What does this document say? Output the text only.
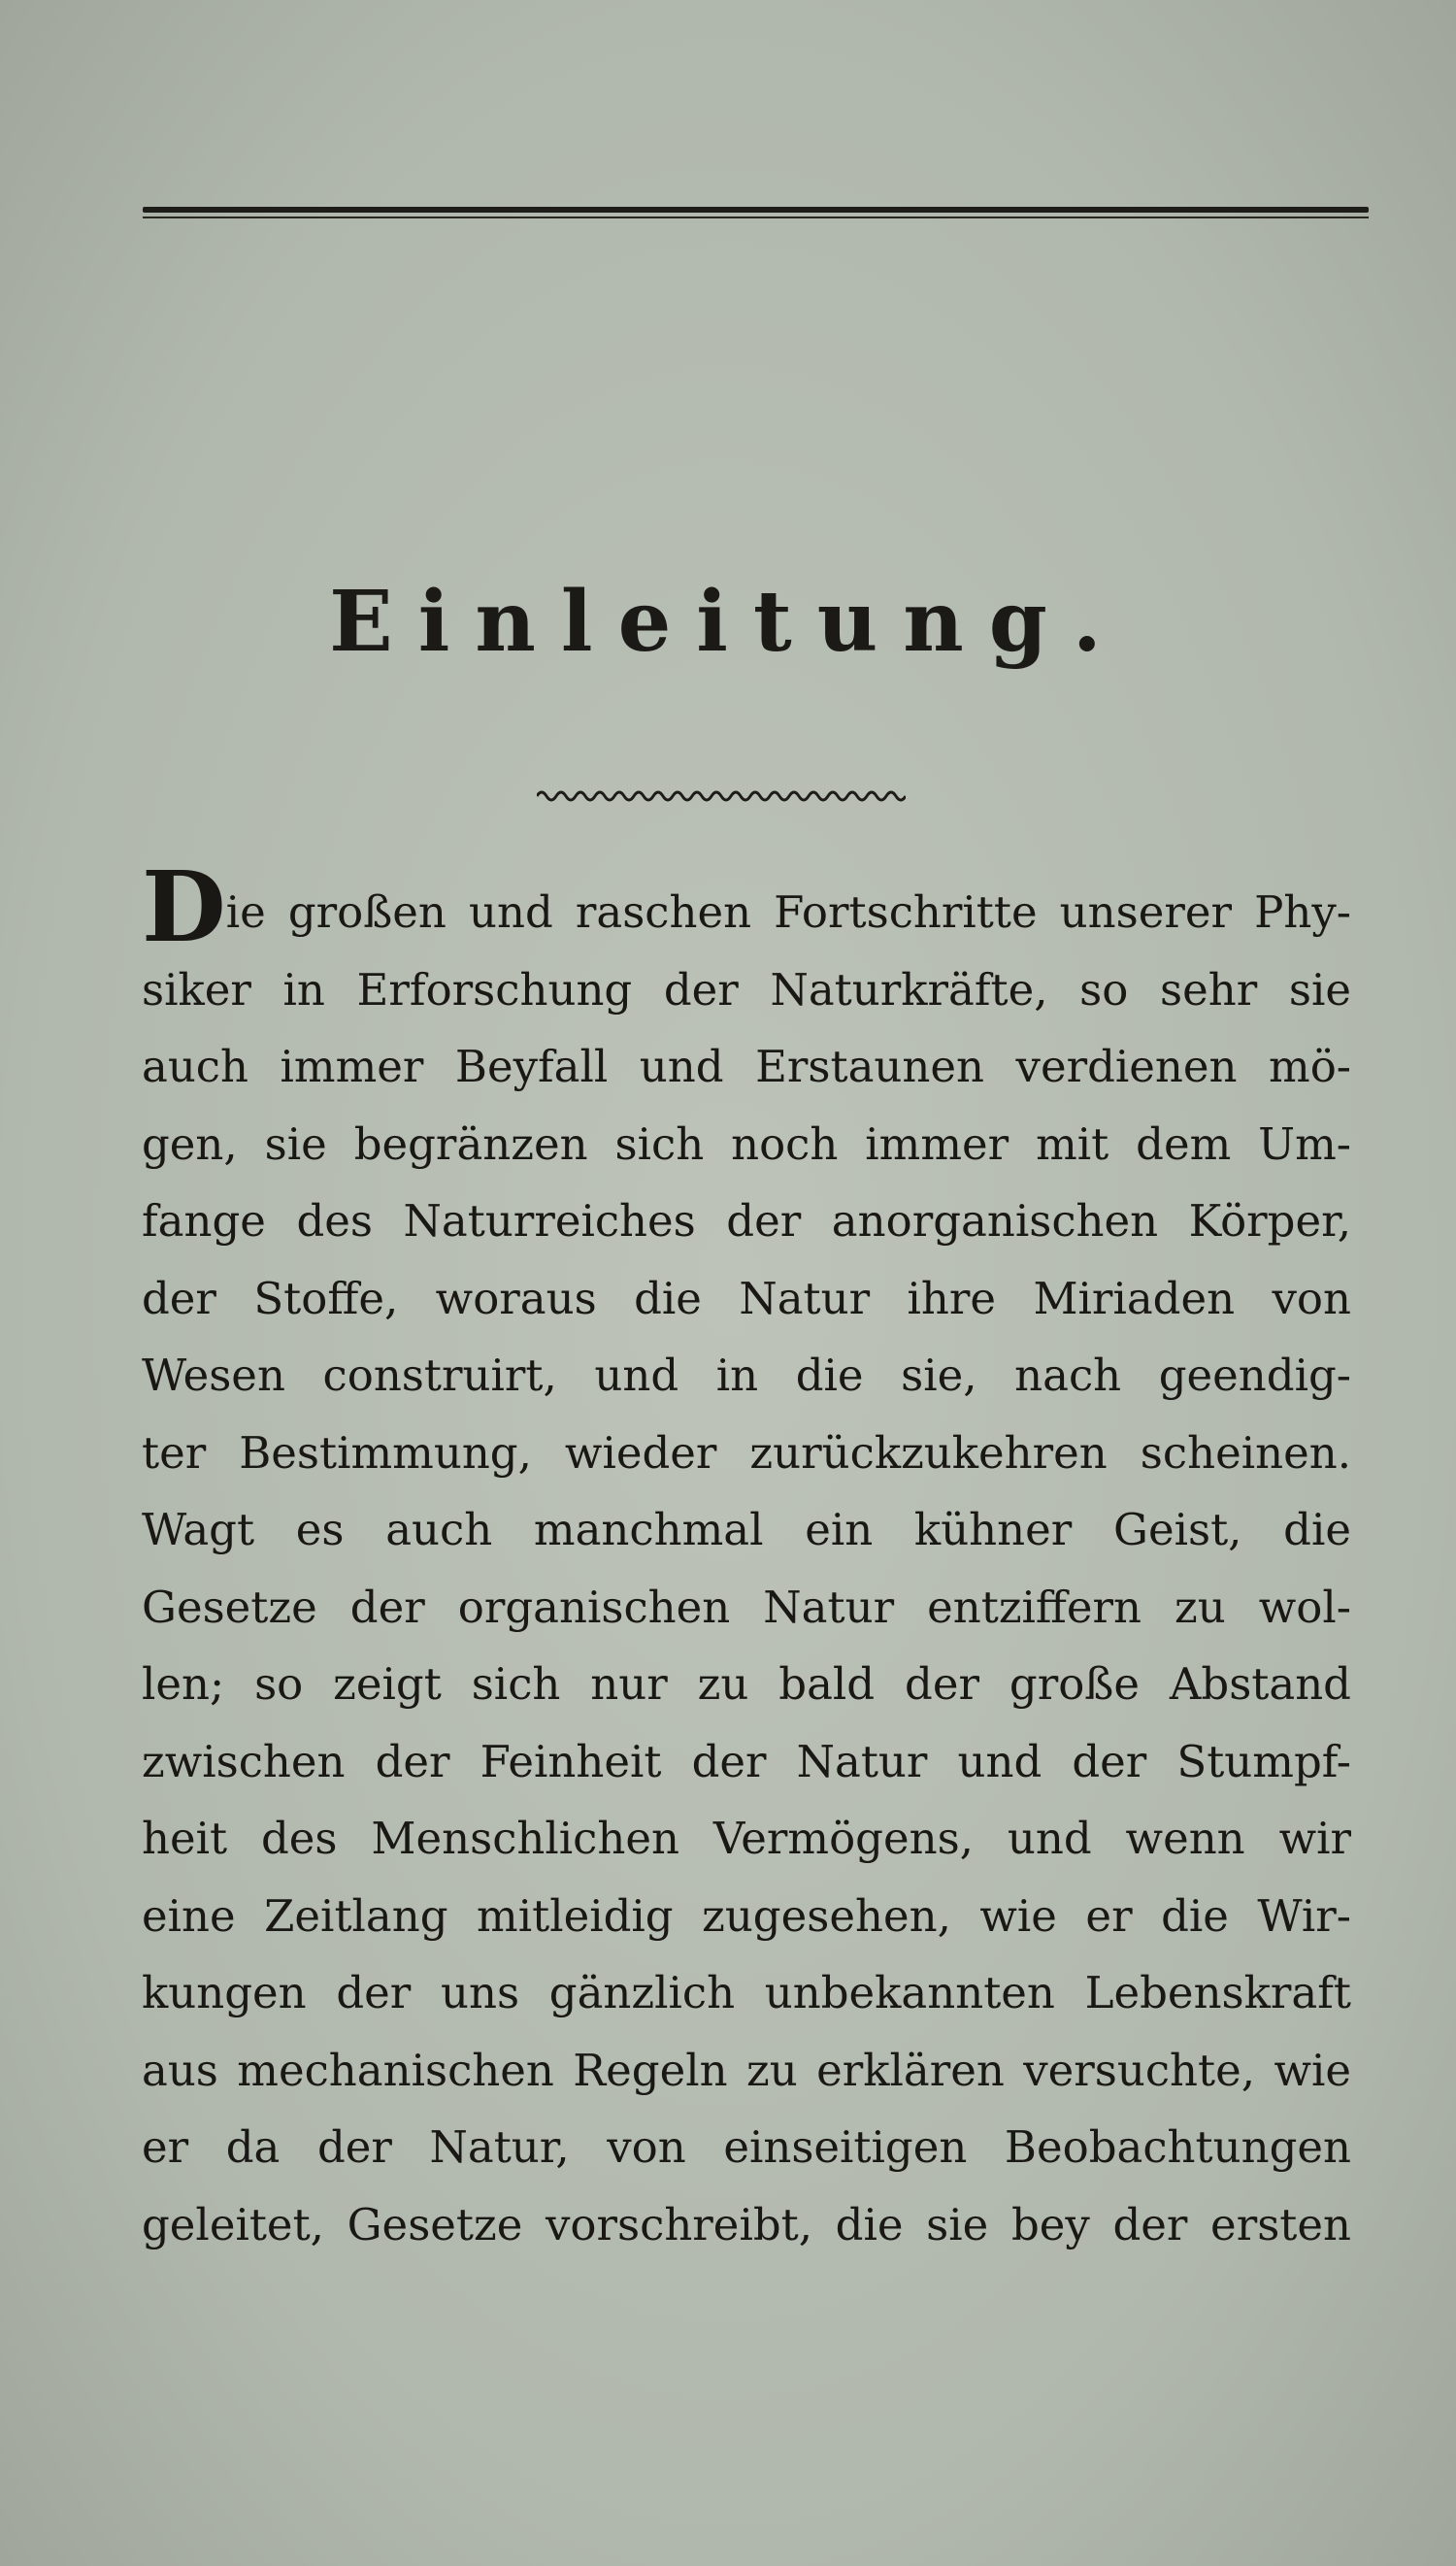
Einleitung.
Die großen und raschen Fortschritte unserer Phy-
siker in Erforschung der Naturkräfte, so sehr sie
auch immer Beyfall und Erstaunen verdienen mö-
gen, sie begränzen sich noch immer mit dem Um-
fange des Naturreiches der anorganischen Körper,
der Stoffe, woraus die Natur ihre Miriaden von
Wesen construirt, und in die sie, nach geendig-
ter Bestimmung, wieder zurückzukehren scheinen.
Wagt es auch manchmal ein kühner Geist, die
Gesetze der organischen Natur entziffern zu wol-
len; so zeigt sich nur zu bald der große Abstand
zwischen der Feinheit der Natur und der Stumpf-
heit des Menschlichen Vermögens, und wenn wir
eine Zeitlang mitleidig zugesehen, wie er die Wir-
kungen der uns gänzlich unbekannten Lebenskraft
aus mechanischen Regeln zu erklären versuchte, wie
er da der Natur, von einseitigen Beobachtungen
geleitet, Gesetze vorschreibt, die sie bey der ersten
